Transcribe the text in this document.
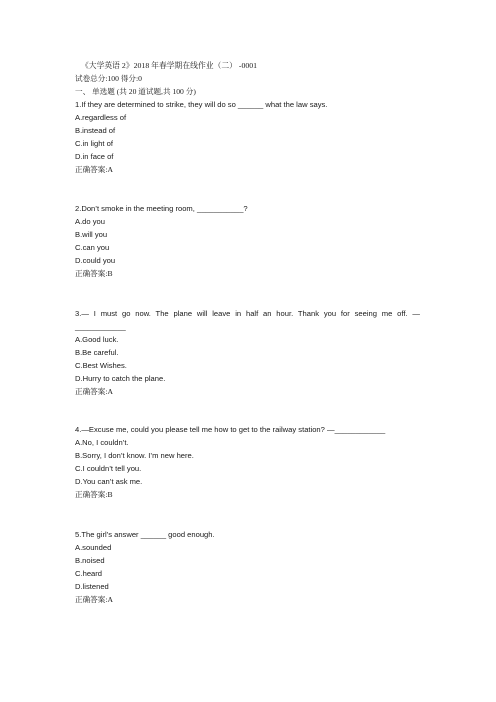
《大学英语 2》2018 年春学期在线作业（二） -0001
试卷总分:100 得分:0
一、 单选题 (共 20 道试题,共 100 分)
1.If they are determined to strike, they will do so ______ what the law says.
A.regardless of
B.instead of
C.in light of
D.in face of
正确答案:A
2.Don’t smoke in the meeting room, ___________?
A.do you
B.will you
C.can you
D.could you
正确答案:B
3.— I must go now. The plane will leave in half an hour. Thank you for seeing me off. —
____________
A.Good luck.
B.Be careful.
C.Best Wishes.
D.Hurry to catch the plane.
正确答案:A
4.—Excuse me, could you please tell me how to get to the railway station? —____________
A.No, I couldn’t.
B.Sorry, I don’t know. I’m new here.
C.I couldn’t tell you.
D.You can’t ask me.
正确答案:B
5.The girl’s answer ______ good enough.
A.sounded
B.noised
C.heard
D.listened
正确答案:A
